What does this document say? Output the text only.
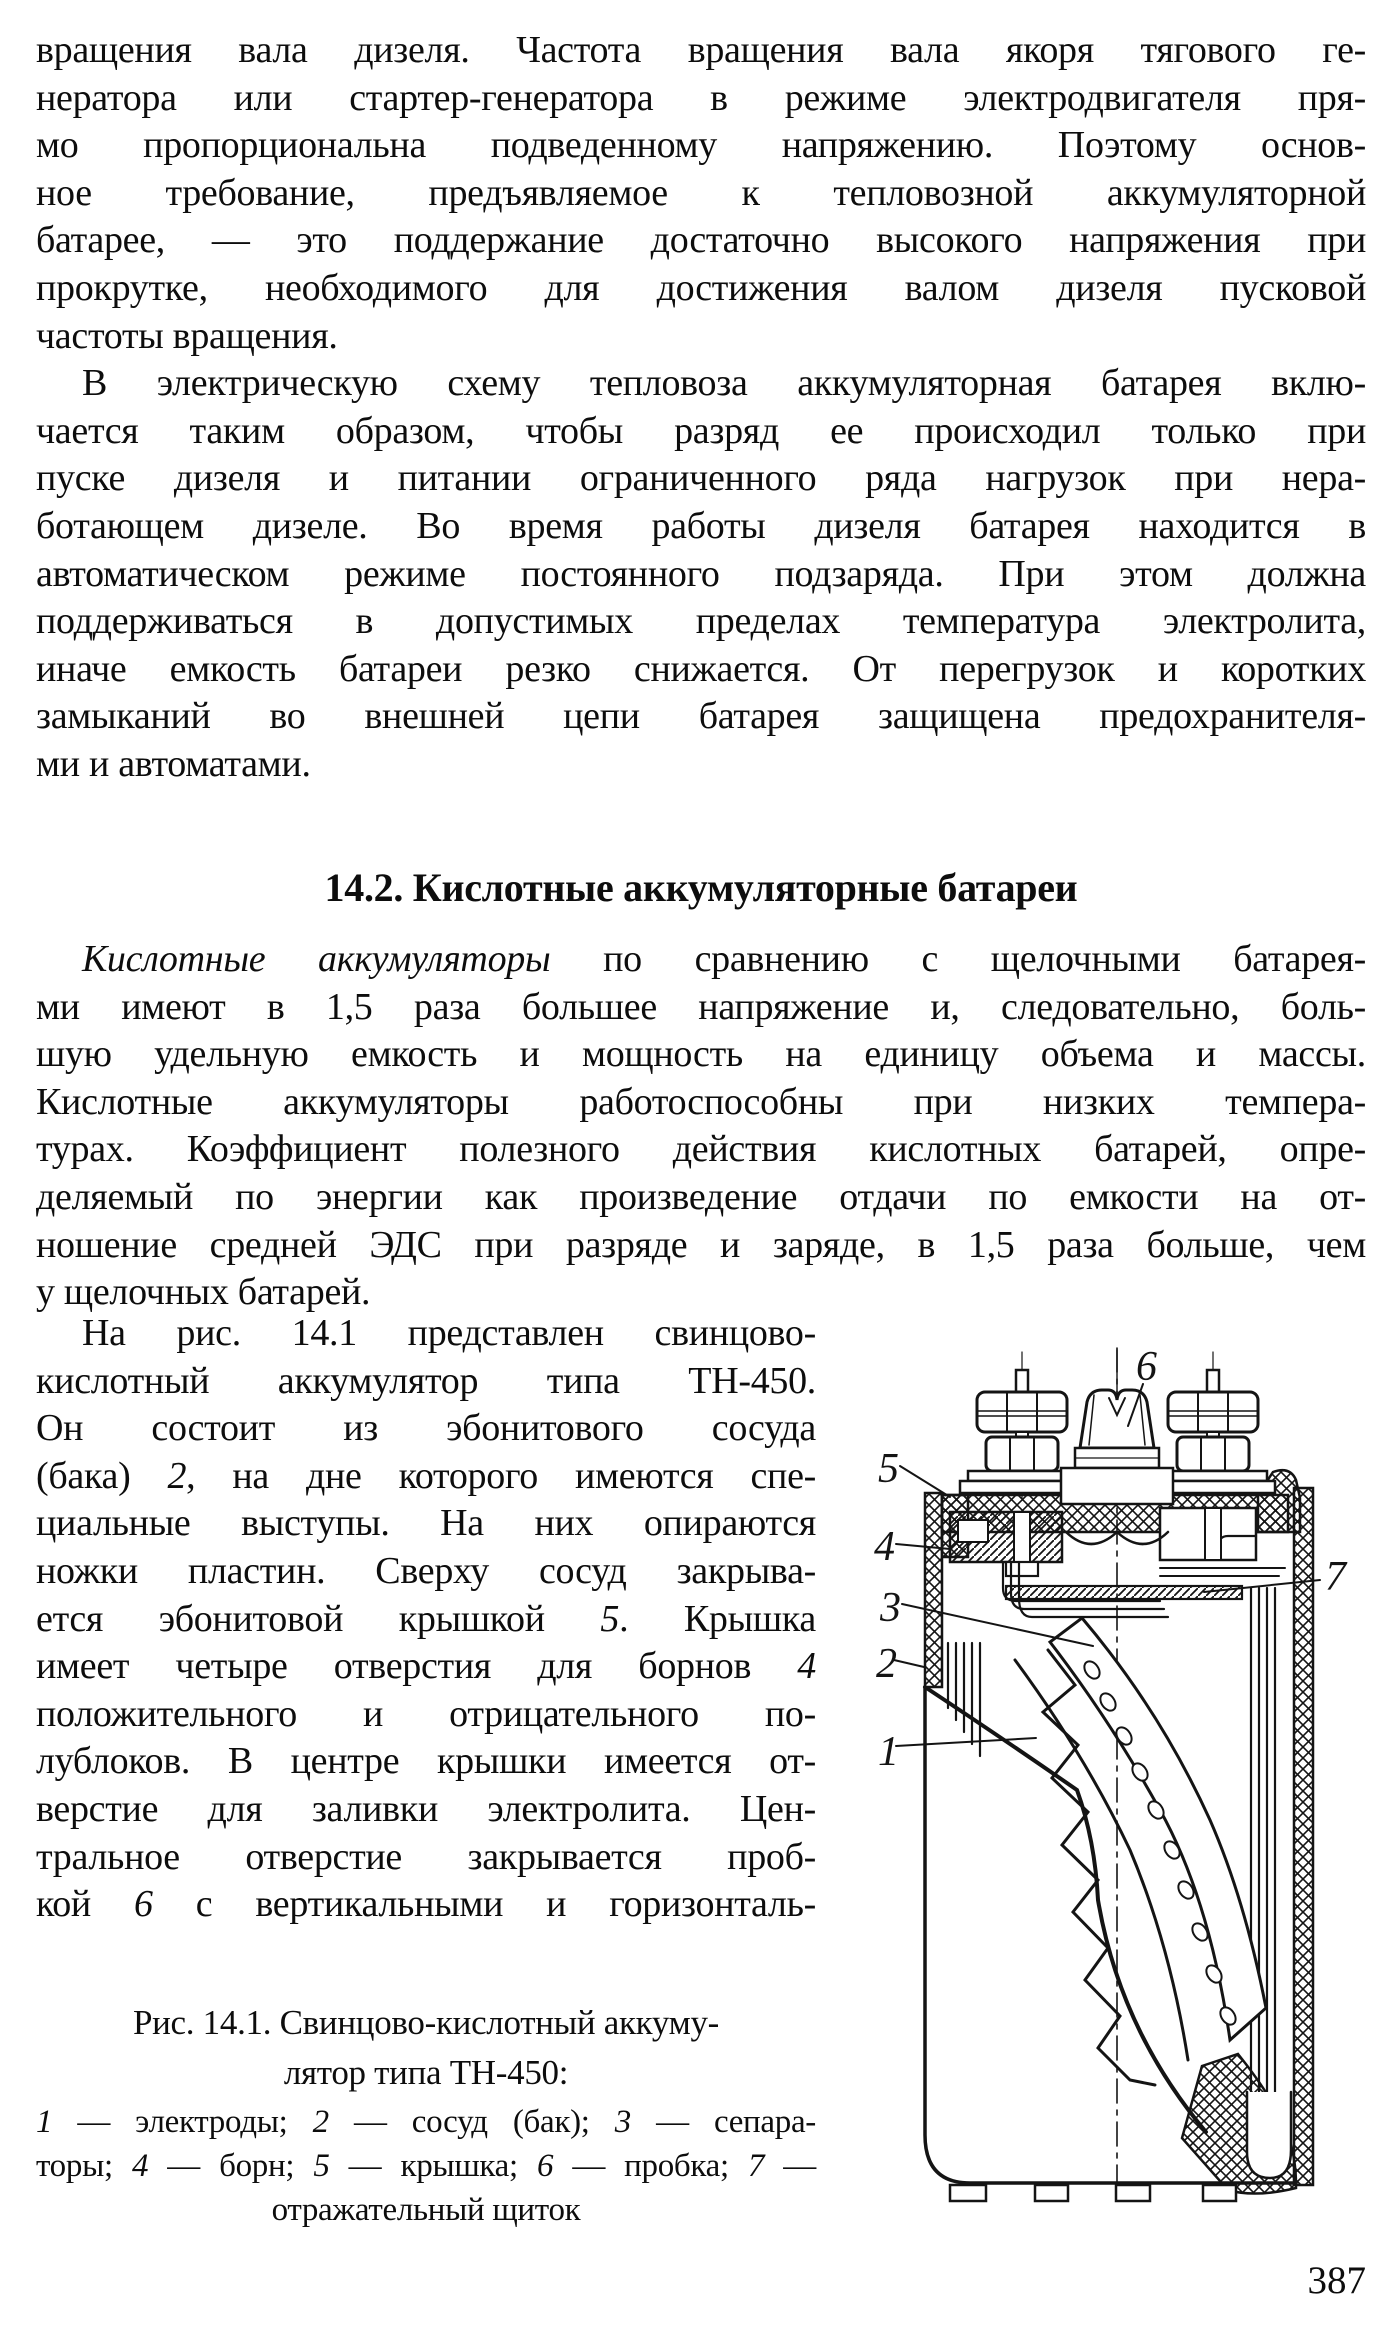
вращения вала дизеля. Частота вращения вала якоря тягового ге-
нератора или стартер-генератора в режиме электродвигателя пря-
мо пропорциональна подведенному напряжению. Поэтому основ-
ное требование, предъявляемое к тепловозной аккумуляторной
батарее, — это поддержание достаточно высокого напряжения при
прокрутке, необходимого для достижения валом дизеля пусковой
частоты вращения.
В электрическую схему тепловоза аккумуляторная батарея вклю-
чается таким образом, чтобы разряд ее происходил только при
пуске дизеля и питании ограниченного ряда нагрузок при нера-
ботающем дизеле. Во время работы дизеля батарея находится в
автоматическом режиме постоянного подзаряда. При этом должна
поддерживаться в допустимых пределах температура электролита,
иначе емкость батареи резко снижается. От перегрузок и коротких
замыканий во внешней цепи батарея защищена предохранителя-
ми и автоматами.
14.2. Кислотные аккумуляторные батареи
Кислотные аккумуляторы по сравнению с щелочными батарея-
ми имеют в 1,5 раза большее напряжение и, следовательно, боль-
шую удельную емкость и мощность на единицу объема и массы.
Кислотные аккумуляторы работоспособны при низких темпера-
турах. Коэффициент полезного действия кислотных батарей, опре-
деляемый по энергии как произведение отдачи по емкости на от-
ношение средней ЭДС при разряде и заряде, в 1,5 раза больше, чем
у щелочных батарей.
На рис. 14.1 представлен свинцово-
кислотный аккумулятор типа ТН-450.
Он состоит из эбонитового сосуда
(бака) 2, на дне которого имеются спе-
циальные выступы. На них опираются
ножки пластин. Сверху сосуд закрыва-
ется эбонитовой крышкой 5. Крышка
имеет четыре отверстия для борнов 4
положительного и отрицательного по-
лублоков. В центре крышки имеется от-
верстие для заливки электролита. Цен-
тральное отверстие закрывается проб-
кой 6 с вертикальными и горизонталь-
Рис. 14.1. Свинцово-кислотный аккуму-
лятор типа ТН-450:
1 — электроды; 2 — сосуд (бак); 3 — сепара-
торы; 4 — борн; 5 — крышка; 6 — пробка; 7 —
отражательный щиток
387
5
4
3
2
1
6
7
